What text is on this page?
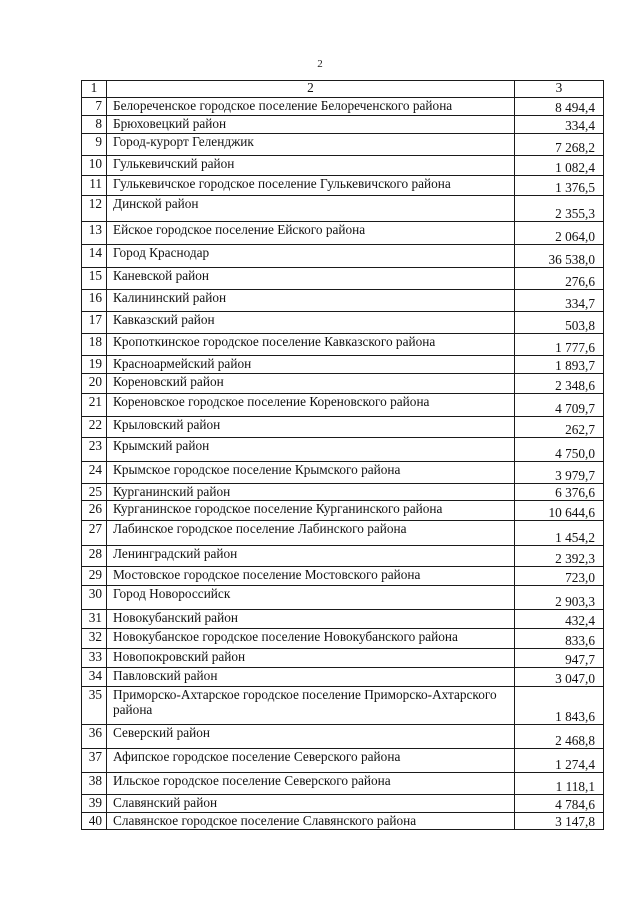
2
1	2	3
7	Белореченское городское поселение Белореченского района	8 494,4
8	Брюховецкий район	334,4
9	Город-курорт Геленджик	7 268,2
10	Гулькевичский район	1 082,4
11	Гулькевичское городское поселение Гулькевичского района	1 376,5
12	Динской район	2 355,3
13	Ейское городское поселение Ейского района	2 064,0
14	Город Краснодар	36 538,0
15	Каневской район	276,6
16	Калининский район	334,7
17	Кавказский район	503,8
18	Кропоткинское городское поселение Кавказского района	1 777,6
19	Красноармейский район	1 893,7
20	Кореновский район	2 348,6
21	Кореновское городское поселение Кореновского района	4 709,7
22	Крыловский район	262,7
23	Крымский район	4 750,0
24	Крымское городское поселение Крымского района	3 979,7
25	Курганинский район	6 376,6
26	Курганинское городское поселение Курганинского района	10 644,6
27	Лабинское городское поселение Лабинского района	1 454,2
28	Ленинградский район	2 392,3
29	Мостовское городское поселение Мостовского района	723,0
30	Город Новороссийск	2 903,3
31	Новокубанский район	432,4
32	Новокубанское городское поселение Новокубанского района	833,6
33	Новопокровский район	947,7
34	Павловский район	3 047,0
35	Приморско-Ахтарское городское поселение Приморско-Ахтарского района	1 843,6
36	Северский район	2 468,8
37	Афипское городское поселение Северского района	1 274,4
38	Ильское городское поселение Северского района	1 118,1
39	Славянский район	4 784,6
40	Славянское городское поселение Славянского района	3 147,8
